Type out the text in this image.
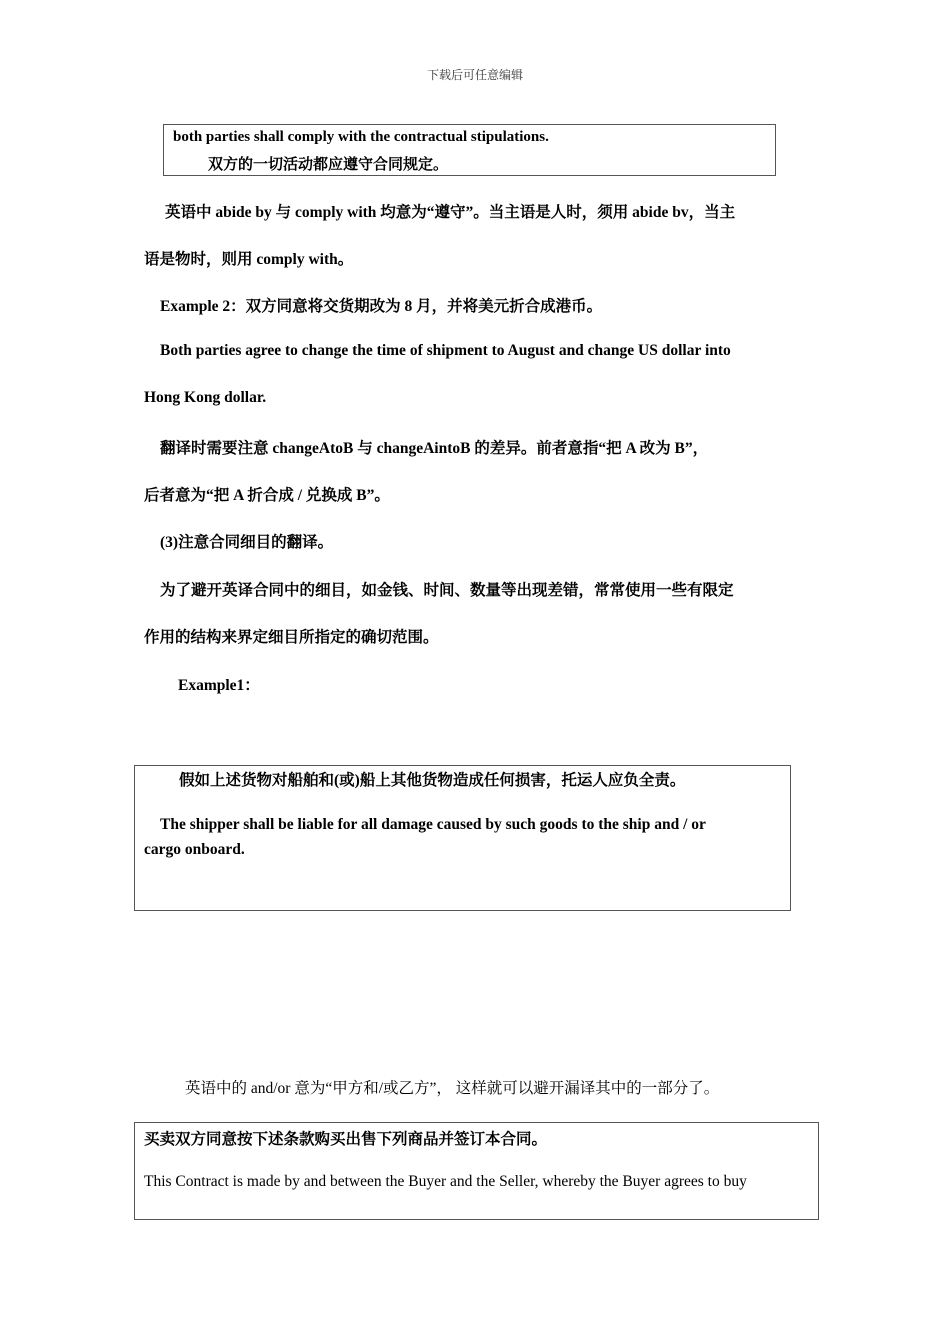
下载后可任意编辑
both parties shall comply with the contractual stipulations.
双方的一切活动都应遵守合同规定。
英语中 abide by 与 comply with 均意为“遵守”。当主语是人时，须用 abide bv，当主
语是物时，则用 comply with。
Example 2：双方同意将交货期改为 8 月，并将美元折合成港币。
Both parties agree to change the time of shipment to August and change US dollar into
Hong Kong dollar.
翻译时需要注意 changeAtoB 与 changeAintoB 的差异。前者意指“把 A 改为 B”，
后者意为“把 A 折合成 / 兑换成 B”。
(3)注意合同细目的翻译。
为了避开英译合同中的细目，如金钱、时间、数量等出现差错，常常使用一些有限定
作用的结构来界定细目所指定的确切范围。
Example1：
假如上述货物对船舶和(或)船上其他货物造成任何损害，托运人应负全责。
The shipper shall be liable for all damage caused by such goods to the ship and / or
cargo onboard.
英语中的 and/or 意为“甲方和/或乙方”， 这样就可以避开漏译其中的一部分了。
买卖双方同意按下述条款购买出售下列商品并签订本合同。
This Contract is made by and between the Buyer and the Seller, whereby the Buyer agrees to buy
